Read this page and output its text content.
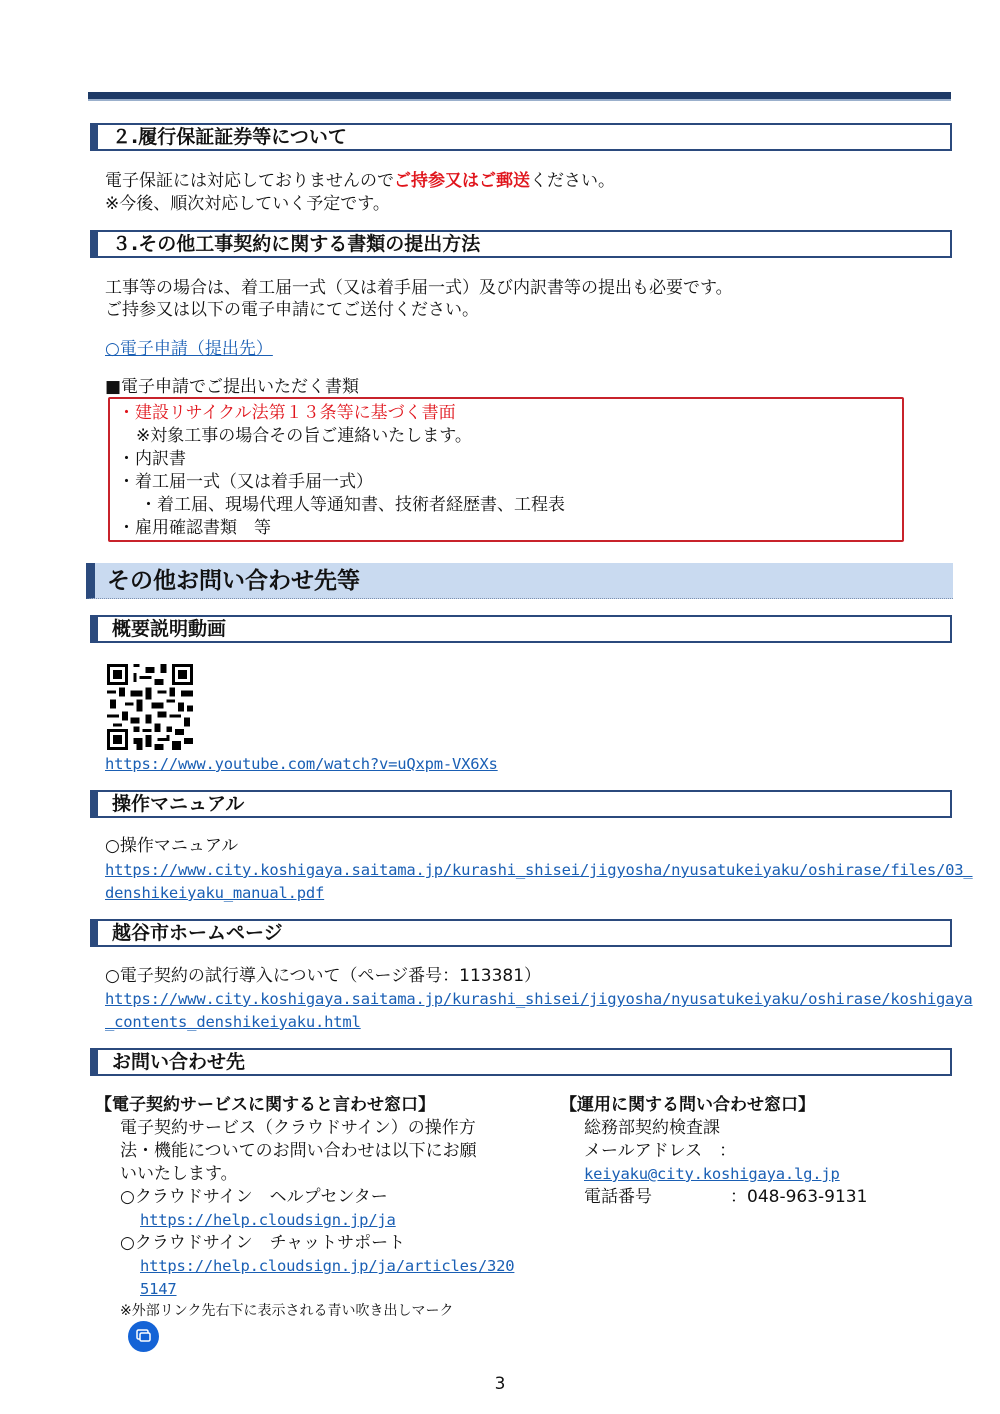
２.履行保証証券等について
電子保証には対応しておりませんのでご持参又はご郵送ください。
※今後、順次対応していく予定です。
３.その他工事契約に関する書類の提出方法
工事等の場合は、着工届一式（又は着手届一式）及び内訳書等の提出も必要です。
ご持参又は以下の電子申請にてご送付ください。
○電子申請（提出先）
■電子申請でご提出いただく書類
・建設リサイクル法第１３条等に基づく書面
※対象工事の場合その旨ご連絡いたします。
・内訳書
・着工届一式（又は着手届一式）
・着工届、現場代理人等通知書、技術者経歴書、工程表
・雇用確認書類　等
その他お問い合わせ先等
概要説明動画
https://www.youtube.com/watch?v=uQxpm-VX6Xs
操作マニュアル
○操作マニュアル
https://www.city.koshigaya.saitama.jp/kurashi_shisei/jigyosha/nyusatukeiyaku/oshirase/files/03_
denshikeiyaku_manual.pdf
越谷市ホームページ
○電子契約の試行導入について（ページ番号：113381）
https://www.city.koshigaya.saitama.jp/kurashi_shisei/jigyosha/nyusatukeiyaku/oshirase/koshigaya
_contents_denshikeiyaku.html
お問い合わせ先
【電子契約サービスに関すると言わせ窓口】
電子契約サービス（クラウドサイン）の操作方
法・機能についてのお問い合わせは以下にお願
いいたします。
○クラウドサイン　ヘルプセンター
https://help.cloudsign.jp/ja
○クラウドサイン　チャットサポート
https://help.cloudsign.jp/ja/articles/320
5147
※外部リンク先右下に表示される青い吹き出しマーク
【運用に関する問い合わせ窓口】
総務部契約検査課
メールアドレス　：
keiyaku@city.koshigaya.lg.jp
電話番号	：048-963-9131
3
